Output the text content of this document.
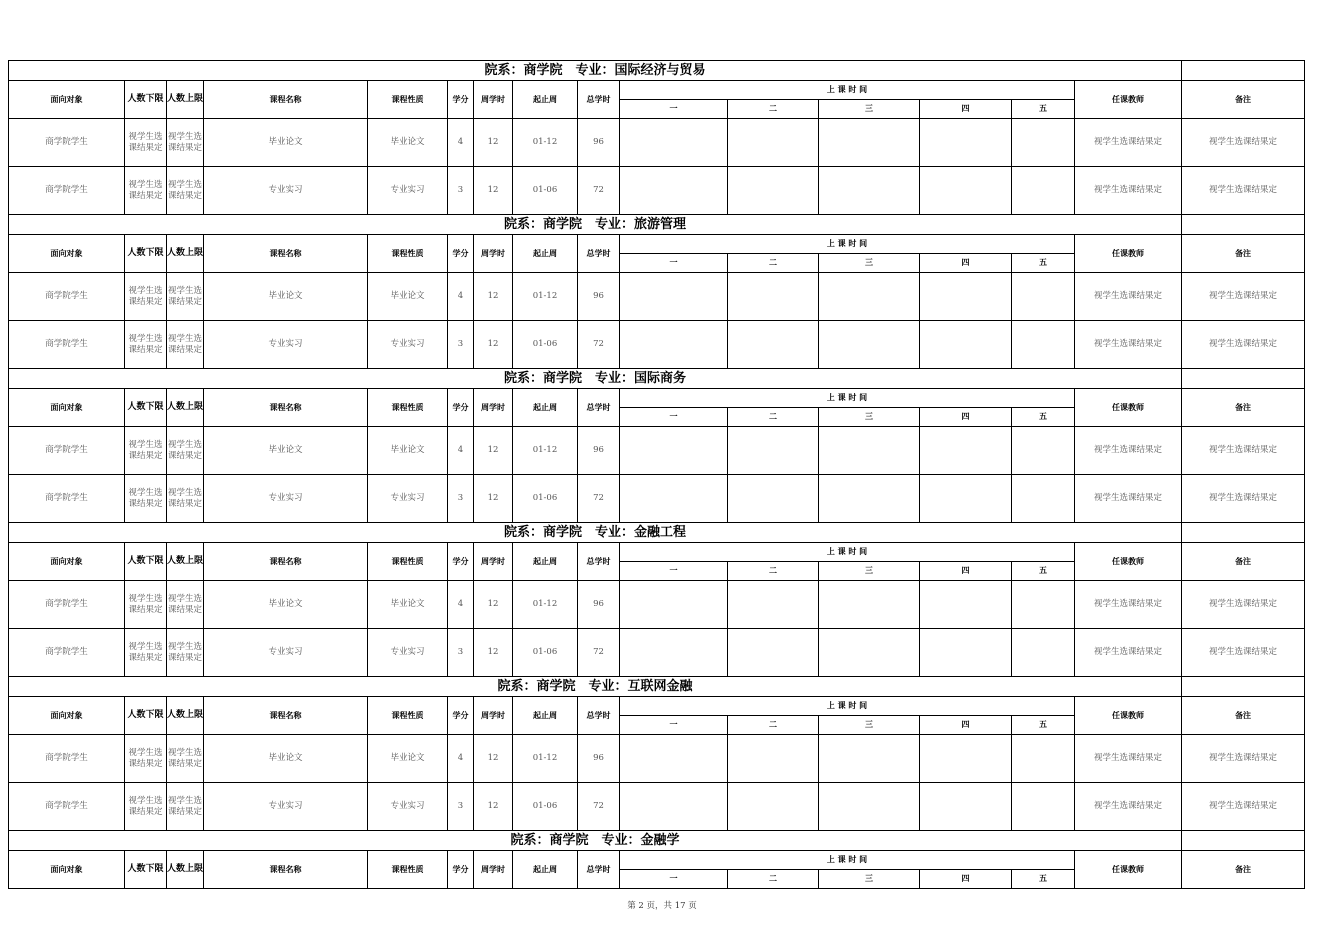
院系：商学院　专业：国际经济与贸易															
面向对象	人数下限	人数上限	课程名称	课程性质	学分	周学时	起止周	总学时	上 课 时 间					任课教师	备注
									一	二	三	四	五		
商学院学生	视学生选课结果定	视学生选课结果定	毕业论文	毕业论文	4	12	01-12	96						视学生选课结果定	视学生选课结果定
商学院学生	视学生选课结果定	视学生选课结果定	专业实习	专业实习	3	12	01-06	72						视学生选课结果定	视学生选课结果定
院系：商学院　专业：旅游管理															
面向对象	人数下限	人数上限	课程名称	课程性质	学分	周学时	起止周	总学时	上 课 时 间					任课教师	备注
									一	二	三	四	五		
商学院学生	视学生选课结果定	视学生选课结果定	毕业论文	毕业论文	4	12	01-12	96						视学生选课结果定	视学生选课结果定
商学院学生	视学生选课结果定	视学生选课结果定	专业实习	专业实习	3	12	01-06	72						视学生选课结果定	视学生选课结果定
院系：商学院　专业：国际商务															
面向对象	人数下限	人数上限	课程名称	课程性质	学分	周学时	起止周	总学时	上 课 时 间					任课教师	备注
									一	二	三	四	五		
商学院学生	视学生选课结果定	视学生选课结果定	毕业论文	毕业论文	4	12	01-12	96						视学生选课结果定	视学生选课结果定
商学院学生	视学生选课结果定	视学生选课结果定	专业实习	专业实习	3	12	01-06	72						视学生选课结果定	视学生选课结果定
院系：商学院　专业：金融工程															
面向对象	人数下限	人数上限	课程名称	课程性质	学分	周学时	起止周	总学时	上 课 时 间					任课教师	备注
									一	二	三	四	五		
商学院学生	视学生选课结果定	视学生选课结果定	毕业论文	毕业论文	4	12	01-12	96						视学生选课结果定	视学生选课结果定
商学院学生	视学生选课结果定	视学生选课结果定	专业实习	专业实习	3	12	01-06	72						视学生选课结果定	视学生选课结果定
院系：商学院　专业：互联网金融															
面向对象	人数下限	人数上限	课程名称	课程性质	学分	周学时	起止周	总学时	上 课 时 间					任课教师	备注
									一	二	三	四	五		
商学院学生	视学生选课结果定	视学生选课结果定	毕业论文	毕业论文	4	12	01-12	96						视学生选课结果定	视学生选课结果定
商学院学生	视学生选课结果定	视学生选课结果定	专业实习	专业实习	3	12	01-06	72						视学生选课结果定	视学生选课结果定
院系：商学院　专业：金融学															
面向对象	人数下限	人数上限	课程名称	课程性质	学分	周学时	起止周	总学时	上 课 时 间					任课教师	备注
									一	二	三	四	五		
第 2 页，共 17 页
